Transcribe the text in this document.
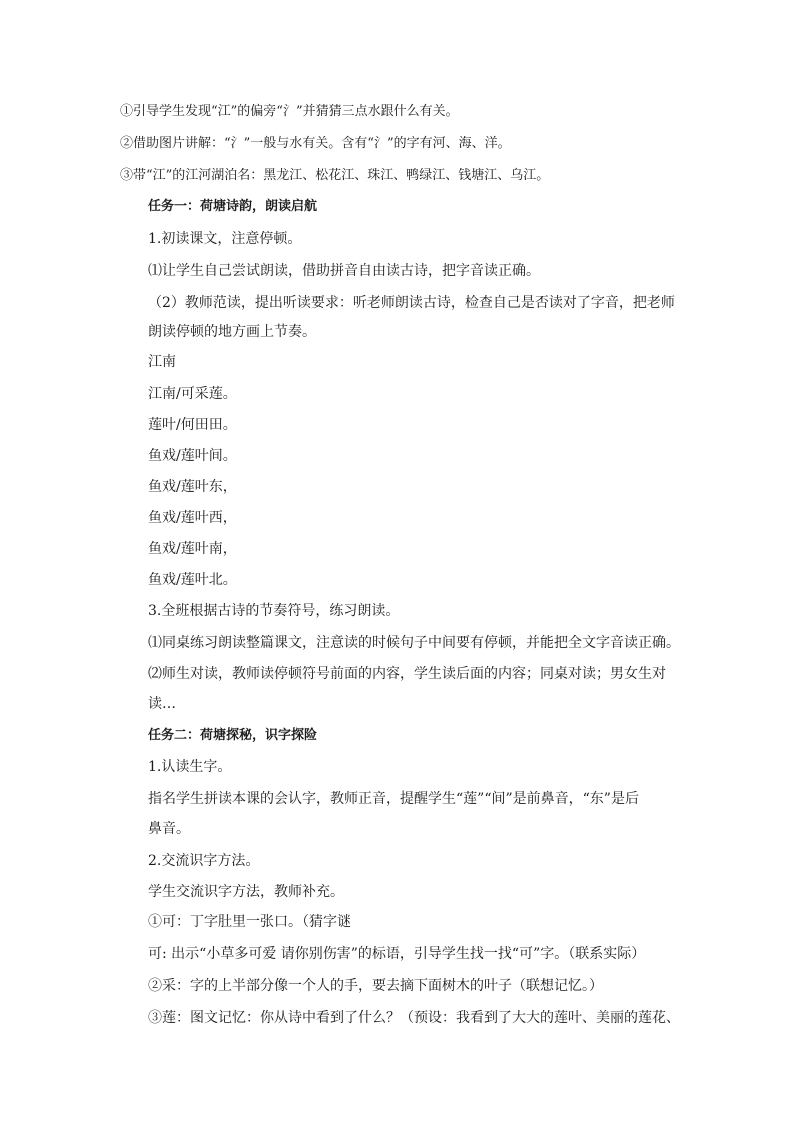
①引导学生发现“江”的偏旁“氵”并猜猜三点水跟什么有关。
②借助图片讲解：“氵”一般与水有关。含有“氵”的字有河、海、洋。
③带“江”的江河湖泊名：黑龙江、松花江、珠江、鸭绿江、钱塘江、乌江。
任务一：荷塘诗韵，朗读启航
1.初读课文，注意停顿。
⑴让学生自己尝试朗读，借助拼音自由读古诗，把字音读正确。
（2）教师范读，提出听读要求：听老师朗读古诗，检查自己是否读对了字音，把老师
朗读停顿的地方画上节奏。
江南
江南/可采莲。
莲叶/何田田。
鱼戏/莲叶间。
鱼戏/莲叶东，
鱼戏/莲叶西，
鱼戏/莲叶南，
鱼戏/莲叶北。
3.全班根据古诗的节奏符号，练习朗读。
⑴同桌练习朗读整篇课文，注意读的时候句子中间要有停顿，并能把全文字音读正确。
⑵师生对读，教师读停顿符号前面的内容，学生读后面的内容；同桌对读；男女生对
读…
任务二：荷塘探秘，识字探险
1.认读生字。
指名学生拼读本课的会认字，教师正音，提醒学生“莲”“间”是前鼻音，“东”是后
鼻音。
2.交流识字方法。
学生交流识字方法，教师补充。
①可：丁字肚里一张口。（猜字谜
可: 出示“小草多可爱 请你别伤害”的标语，引导学生找一找“可”字。（联系实际）
②采：字的上半部分像一个人的手，要去摘下面树木的叶子（联想记忆。）
③莲：图文记忆：你从诗中看到了什么？（预设：我看到了大大的莲叶、美丽的莲花、
